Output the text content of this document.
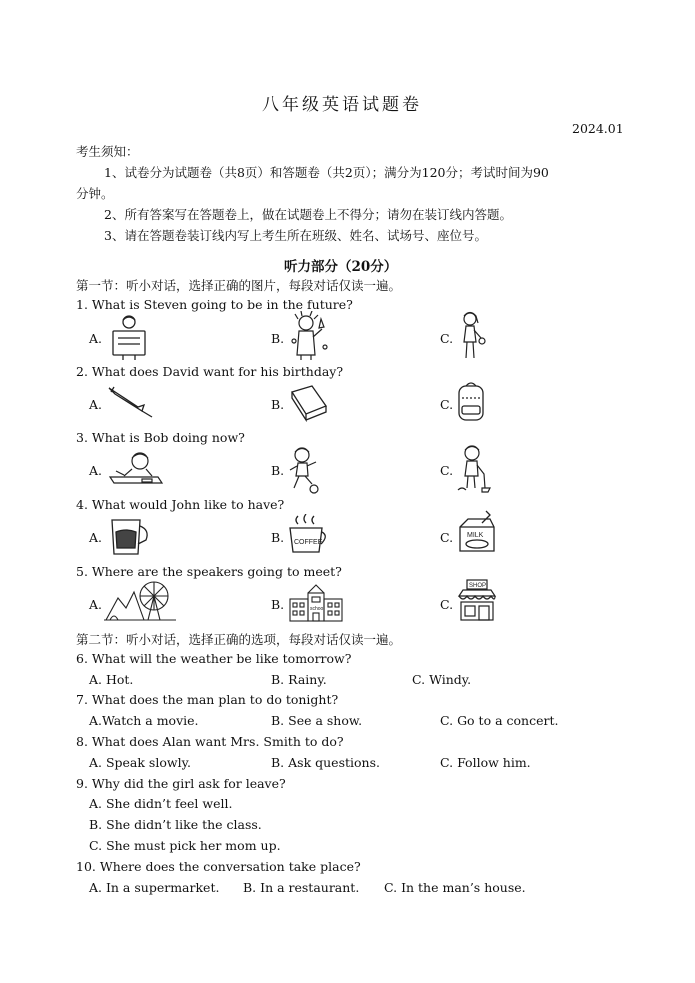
八年级英语试题卷
2024.01
考生须知：
1、试卷分为试题卷（共8页）和答题卷（共2页）；满分为120分；考试时间为90
分钟。
2、所有答案写在答题卷上，做在试题卷上不得分；请勿在装订线内答题。
3、请在答题卷装订线内写上考生所在班级、姓名、试场号、座位号。
听力部分（20分）
第一节：听小对话，选择正确的图片，每段对话仅读一遍。
1. What is Steven going to be in the future?
A.	B.	C.
2. What does David want for his birthday?
A.	B.	C.
3. What is Bob doing now?
A.	B.	C.
4. What would John like to have?
A.	B.	C.
COFFEE
MILK
5. Where are the speakers going to meet?
A.	B.	C.
school
SHOP
第二节：听小对话，选择正确的选项，每段对话仅读一遍。
6. What will the weather be like tomorrow?
A. Hot.	B. Rainy.	C. Windy.
7. What does the man plan to do tonight?
A.Watch a movie.	B. See a show.	C. Go to a concert.
8. What does Alan want Mrs. Smith to do?
A. Speak slowly.	B. Ask questions.	C. Follow him.
9. Why did the girl ask for leave?
A. She didn’t feel well.
B. She didn’t like the class.
C. She must pick her mom up.
10. Where does the conversation take place?
A. In a supermarket. B. In a restaurant. C. In the man’s house.
